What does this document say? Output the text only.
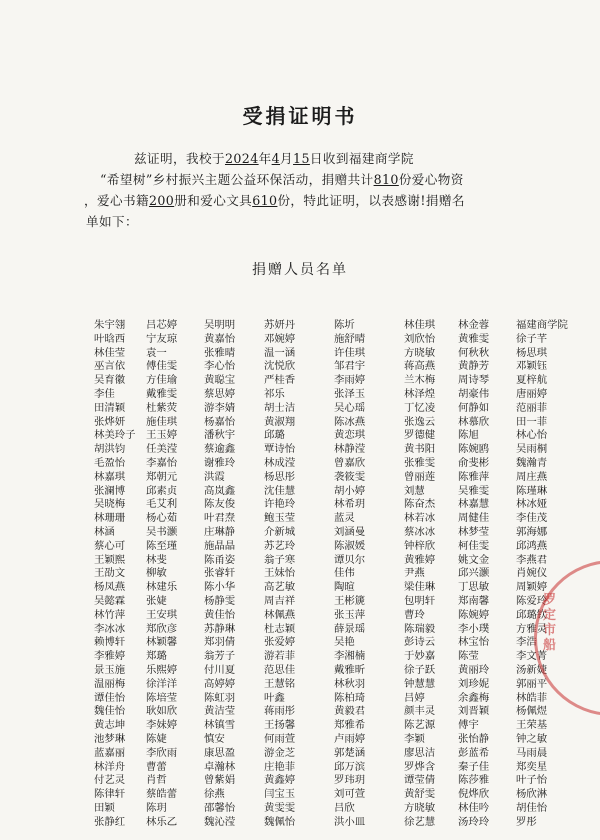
受捐证明书
兹证明，我校于2024年4月15日收到福建商学院
“希望树”乡村振兴主题公益环保活动，捐赠共计810份爱心物资
，爱心书籍200册和爱心文具610份，特此证明，以表感谢!捐赠名
单如下：
捐赠人员名单
朱宇翎	吕芯婷	吴明明	苏妍丹	陈圻	林佳琪	林金蓉	福建商学院
叶晗西	宁友琼	黄嘉怡	邓婉婷	施舒晴	刘欣怡	黄雅雯	徐子芊
林佳莹	袁一	张雅晴	温一涵	许佳琪	方晓敏	何秋秋	杨思琪
巫言依	傅佳雯	李心怡	沈悦欣	邹君宇	蒋高燕	黄静芳	邓颖钰
吴育徽	方佳瑜	黄聪宝	严桂香	李雨婷	兰木梅	周诗琴	夏梓航
李佳	戴雅雯	蔡思婷	祁乐	张泽玉	林泽煌	胡豪伟	唐丽婷
田清颖	杜紫荧	游李婧	胡士洁	吴心瑶	丁忆凌	何静如	范丽菲
张烨妍	施佳琪	杨嘉怡	黄淑翔	陈冰燕	张逸云	林慕欣	田一菲
林美玲子	王玉婷	潘秋宇	邱璐	黄恋琪	罗德健	陈旭	林心怡
胡洪钧	任美滢	蔡逾鑫	覃诗怡	林静滢	黄书阳	陈婉鸥	吴雨桐
毛盈怡	李嘉怡	谢雅玲	林成滢	曾嘉欣	张雅雯	俞斐彬	魏瀚青
林嘉琪	郑朝元	洪霞	杨思彤	袭筱雯	曾丽莲	陈雅萍	周庄燕
张澜博	邱素贞	高岚鑫	沈佳慧	胡小婷	刘慧	吴雅雯	陈瑾琳
吴晓梅	毛艾利	陈友俊	许艳玲	林希玥	陈奋杰	林嘉慧	林冰娅
林珊珊	杨心茹	叶君焘	鲍玉莹	蓝灵	林若冰	周健佳	李佳茂
林涵	吴书灏	庄琳静	介新城	刘涵曼	蔡冰冰	林梦莹	郭海娜
蔡心可	陈至瑾	施晶晶	苏艺玲	陈淑媛	钟梓欣	柯佳雯	邱鸿燕
王颖熙	林斐	陈甬姿	翁子寒	谭贝尔	黄雅婷	姚文金	李燕君
王劭文	柳敏	张睿轩	王妹怡	佳伟	尹燕	邱兴灏	肖婉仪
杨凤燕	林建乐	陈小华	高艺敏	陶暄	梁佳琳	丁思敏	周颖婷
吴懿霖	张婕	杨静雯	周吉祥	王彬篪	包明轩	郑南馨	陈爱玲
林竹萍	王安琪	黄佳怡	林佩燕	张玉萍	曹玲	陈婉婷	邱璐钦
李冰冰	郑欣彦	苏静琳	杜志颖	薛景瑶	陈瑞毅	李小璞	方雅灵
赖博轩	林颖馨	郑羽倩	张爱婷	吴艳	彭诗云	林宝怡	李浩
李雅婷	郑璐	翁芳子	游若菲	李湘楠	于妙嘉	陈莹	李文菁
景玉施	乐熙婷	付川夏	范思佳	戴雅昕	徐子跃	黄丽玲	汤新婕
温丽梅	徐洋洋	高婷婷	王慧铭	林秋羽	钟慧慧	刘珍妮	郭丽平
谭佳怡	陈培莹	陈虹羽	叶鑫	陈柏琦	吕婷	余鑫梅	林皓菲
魏佳怡	耿如欣	黄洁莹	蒋雨彤	黄毅君	颜丰灵	刘晋颖	杨佩煜
黄志坤	李妹婷	林镇雪	王扬馨	郑雅希	陈艺源	傅宇	王荣基
池梦琳	陈婕	慎安	何雨萱	卢雨婷	李颖	张怡静	钟之敏
蓝嘉丽	李欣雨	康思盈	游金芝	郭楚涵	廖思洁	彭蓝希	马雨晨
林洋舟	曹蕾	卓瀚林	庄艳菲	邱万滨	罗烨含	秦子佳	郑奕星
付艺灵	肖哲	曾紫娟	黄鑫婷	罗玮玥	谭莹倩	陈莎雅	叶子怡
陈律轩	蔡皓蕾	徐燕	闫宝玉	刘可萱	黄舒雯	倪烨欣	杨欣淋
田颖	陈玥	邵馨怡	黄雯雯	吕欣	方晓敏	林佳吟	胡佳怡
张静红	林乐乙	魏沁滢	魏佩怡	洪小皿	徐艺慧	汤玲玲	罗彤
罗定市船
